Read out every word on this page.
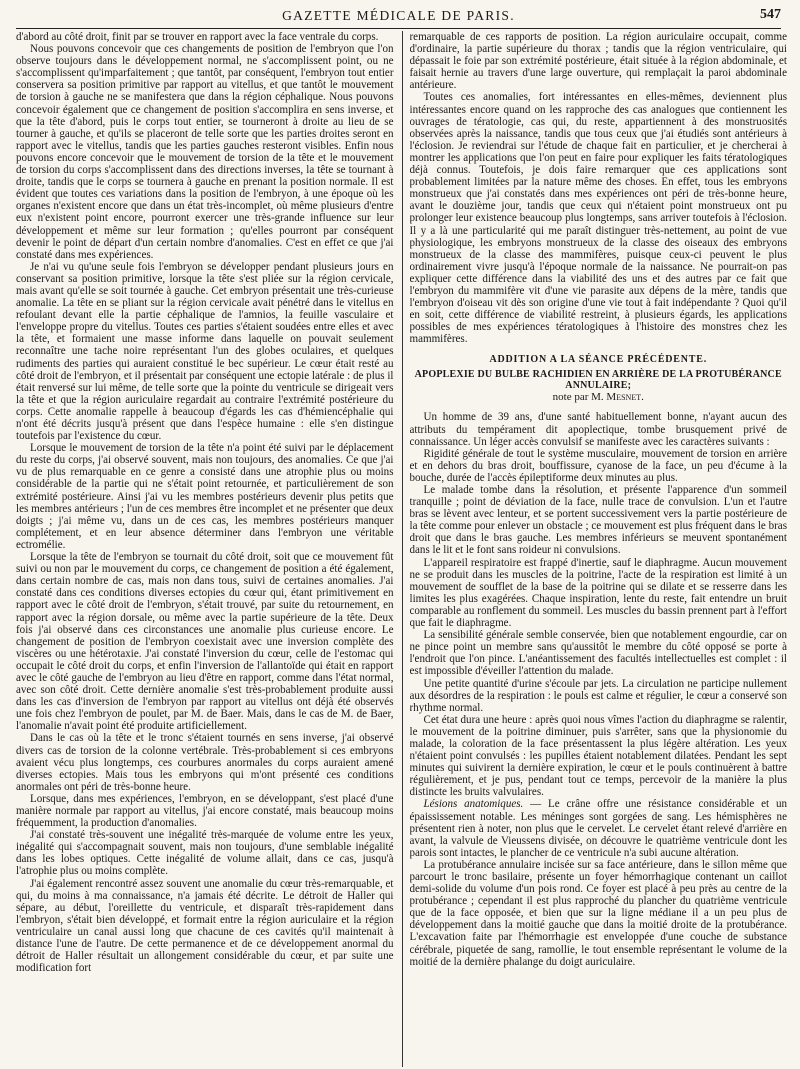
GAZETTE MÉDICALE DE PARIS.	547

d'abord au côté droit, finit par se trouver en rapport avec la face ventrale du corps.

Nous pouvons concevoir que ces changements de position de l'embryon que l'on observe toujours dans le développement normal, ne s'accomplissent point, ou ne s'accomplissent qu'imparfaitement ; que tantôt, par conséquent, l'embryon tout entier conservera sa position primitive par rapport au vitellus, et que tantôt le mouvement de torsion à gauche ne se manifestera que dans la région céphalique. Nous pouvons concevoir également que ce changement de position s'accomplira en sens inverse, et que la tête d'abord, puis le corps tout entier, se tourneront à droite au lieu de se tourner à gauche, et qu'ils se placeront de telle sorte que les parties droites seront en rapport avec le vitellus, tandis que les parties gauches resteront visibles. Enfin nous pouvons encore concevoir que le mouvement de torsion de la tête et le mouvement de torsion du corps s'accomplissent dans des directions inverses, la tête se tournant à droite, tandis que le corps se tournera à gauche en prenant la position normale. Il est évident que toutes ces variations dans la position de l'embryon, à une époque où les organes n'existent encore que dans un état très-incomplet, où même plusieurs d'entre eux n'existent point encore, pourront exercer une très-grande influence sur leur développement et même sur leur formation ; qu'elles pourront par conséquent devenir le point de départ d'un certain nombre d'anomalies. C'est en effet ce que j'ai constaté dans mes expériences.

Je n'ai vu qu'une seule fois l'embryon se développer pendant plusieurs jours en conservant sa position primitive, lorsque la tête s'est pliée sur la région cervicale, mais avant qu'elle se soit tournée à gauche. Cet embryon présentait une très-curieuse anomalie. La tête en se pliant sur la région cervicale avait pénétré dans le vitellus en refoulant devant elle la partie céphalique de l'amnios, la feuille vasculaire et l'enveloppe propre du vitellus. Toutes ces parties s'étaient soudées entre elles et avec la tête, et formaient une masse informe dans laquelle on pouvait seulement reconnaître une tache noire représentant l'un des globes oculaires, et quelques rudiments des parties qui auraient constitué le bec supérieur. Le cœur était resté au côté droit de l'embryon, et il présentait par conséquent une ectopie latérale : de plus il était renversé sur lui même, de telle sorte que la pointe du ventricule se dirigeait vers la tête et que la région auriculaire regardait au contraire l'extrémité postérieure du corps. Cette anomalie rappelle à beaucoup d'égards les cas d'hémiencéphalie qui n'ont été décrits jusqu'à présent que dans l'espèce humaine : elle s'en distingue toutefois par l'existence du cœur.

Lorsque le mouvement de torsion de la tête n'a point été suivi par le déplacement du reste du corps, j'ai observé souvent, mais non toujours, des anomalies. Ce que j'ai vu de plus remarquable en ce genre a consisté dans une atrophie plus ou moins considérable de la partie qui ne s'était point retournée, et particulièrement de son extrémité postérieure. Ainsi j'ai vu les membres postérieurs devenir plus petits que les membres antérieurs ; l'un de ces membres être incomplet et ne présenter que deux doigts ; j'ai même vu, dans un de ces cas, les membres postérieurs manquer complétement, et en leur absence déterminer dans l'embryon une véritable ectromélie.

Lorsque la tête de l'embryon se tournait du côté droit, soit que ce mouvement fût suivi ou non par le mouvement du corps, ce changement de position a été également, dans certain nombre de cas, mais non dans tous, suivi de certaines anomalies. J'ai constaté dans ces conditions diverses ectopies du cœur qui, étant primitivement en rapport avec le côté droit de l'embryon, s'était trouvé, par suite du retournement, en rapport avec la région dorsale, ou même avec la partie supérieure de la tête. Deux fois j'ai observé dans ces circonstances une anomalie plus curieuse encore. Le changement de position de l'embryon coexistait avec une inversion complète des viscères ou une hétérotaxie. J'ai constaté l'inversion du cœur, celle de l'estomac qui occupait le côté droit du corps, et enfin l'inversion de l'allantoïde qui était en rapport avec le côté gauche de l'embryon au lieu d'être en rapport, comme dans l'état normal, avec son côté droit. Cette dernière anomalie s'est très-probablement produite aussi dans les cas d'inversion de l'embryon par rapport au vitellus ont déjà été observés une fois chez l'embryon de poulet, par M. de Baer. Mais, dans le cas de M. de Baer, l'anomalie n'avait point été produite artificiellement.

Dans le cas où la tête et le tronc s'étaient tournés en sens inverse, j'ai observé divers cas de torsion de la colonne vertébrale. Très-probablement si ces embryons avaient vécu plus longtemps, ces courbures anormales du corps auraient amené diverses ectopies. Mais tous les embryons qui m'ont présenté ces conditions anormales ont péri de très-bonne heure.

Lorsque, dans mes expériences, l'embryon, en se développant, s'est placé d'une manière normale par rapport au vitellus, j'ai encore constaté, mais beaucoup moins fréquemment, la production d'anomalies.

J'ai constaté très-souvent une inégalité très-marquée de volume entre les yeux, inégalité qui s'accompagnait souvent, mais non toujours, d'une semblable inégalité dans les lobes optiques. Cette inégalité de volume allait, dans ce cas, jusqu'à l'atrophie plus ou moins complète.

J'ai également rencontré assez souvent une anomalie du cœur très-remarquable, et qui, du moins à ma connaissance, n'a jamais été décrite. Le détroit de Haller qui sépare, au début, l'oreillette du ventricule, et disparaît très-rapidement dans l'embryon, s'était bien développé, et formait entre la région auriculaire et la région ventriculaire un canal aussi long que chacune de ces cavités qu'il maintenait à distance l'une de l'autre. De cette permanence et de ce développement anormal du détroit de Haller résultait un allongement considérable du cœur, et par suite une modification fort

remarquable de ces rapports de position. La région auriculaire occupait, comme d'ordinaire, la partie supérieure du thorax ; tandis que la région ventriculaire, qui dépassait le foie par son extrémité postérieure, était située à la région abdominale, et faisait hernie au travers d'une large ouverture, qui remplaçait la paroi abdominale antérieure.

Toutes ces anomalies, fort intéressantes en elles-mêmes, deviennent plus intéressantes encore quand on les rapproche des cas analogues que contiennent les ouvrages de tératologie, cas qui, du reste, appartiennent à des monstruosités observées après la naissance, tandis que tous ceux que j'ai étudiés sont antérieurs à l'éclosion. Je reviendrai sur l'étude de chaque fait en particulier, et je chercherai à montrer les applications que l'on peut en faire pour expliquer les faits tératologiques déjà connus. Toutefois, je dois faire remarquer que ces applications sont probablement limitées par la nature même des choses. En effet, tous les embryons monstrueux que j'ai constatés dans mes expériences ont péri de très-bonne heure, avant le douzième jour, tandis que ceux qui n'étaient point monstrueux ont pu prolonger leur existence beaucoup plus longtemps, sans arriver toutefois à l'éclosion. Il y a là une particularité qui me paraît distinguer très-nettement, au point de vue physiologique, les embryons monstrueux de la classe des oiseaux des embryons monstrueux de la classe des mammifères, puisque ceux-ci peuvent le plus ordinairement vivre jusqu'à l'époque normale de la naissance. Ne pourrait-on pas expliquer cette différence dans la viabilité des uns et des autres par ce fait que l'embryon du mammifère vit d'une vie parasite aux dépens de la mère, tandis que l'embryon d'oiseau vit dès son origine d'une vie tout à fait indépendante ? Quoi qu'il en soit, cette différence de viabilité restreint, à plusieurs égards, les applications possibles de mes expériences tératologiques à l'histoire des monstres chez les mammifères.

ADDITION A LA SÉANCE PRÉCÉDENTE.
APOPLEXIE DU BULBE RACHIDIEN EN ARRIÈRE DE LA PROTUBÉRANCE ANNULAIRE;
note par M. Mesnet.

Un homme de 39 ans, d'une santé habituellement bonne, n'ayant aucun des attributs du tempérament dit apoplectique, tombe brusquement privé de connaissance. Un léger accès convulsif se manifeste avec les caractères suivants :

Rigidité générale de tout le système musculaire, mouvement de torsion en arrière et en dehors du bras droit, bouffissure, cyanose de la face, un peu d'écume à la bouche, durée de l'accès épileptiforme deux minutes au plus.

Le malade tombe dans la résolution, et présente l'apparence d'un sommeil tranquille ; point de déviation de la face, nulle trace de convulsion. L'un et l'autre bras se lèvent avec lenteur, et se portent successivement vers la partie postérieure de la tête comme pour enlever un obstacle ; ce mouvement est plus fréquent dans le bras droit que dans le bras gauche. Les membres inférieurs se meuvent spontanément dans le lit et le font sans roideur ni convulsions.

L'appareil respiratoire est frappé d'inertie, sauf le diaphragme. Aucun mouvement ne se produit dans les muscles de la poitrine, l'acte de la respiration est limité à un mouvement de soufflet de la base de la poitrine qui se dilate et se resserre dans les limites les plus exagérées. Chaque inspiration, lente du reste, fait entendre un bruit comparable au ronflement du sommeil. Les muscles du bassin prennent part à l'effort que fait le diaphragme.

La sensibilité générale semble conservée, bien que notablement engourdie, car on ne pince point un membre sans qu'aussitôt le membre du côté opposé se porte à l'endroit que l'on pince. L'anéantissement des facultés intellectuelles est complet : il est impossible d'éveiller l'attention du malade.

Une petite quantité d'urine s'écoule par jets. La circulation ne participe nullement aux désordres de la respiration : le pouls est calme et régulier, le cœur a conservé son rhythme normal.

Cet état dura une heure : après quoi nous vîmes l'action du diaphragme se ralentir, le mouvement de la poitrine diminuer, puis s'arrêter, sans que la physionomie du malade, la coloration de la face présentassent la plus légère altération. Les yeux n'étaient point convulsés : les pupilles étaient notablement dilatées. Pendant les sept minutes qui suivirent la dernière expiration, le cœur et le pouls continuèrent à battre régulièrement, et je pus, pendant tout ce temps, percevoir de la manière la plus distincte les bruits valvulaires.

Lésions anatomiques. — Le crâne offre une résistance considérable et un épaississement notable. Les méninges sont gorgées de sang. Les hémisphères ne présentent rien à noter, non plus que le cervelet. Le cervelet étant relevé d'arrière en avant, la valvule de Vieussens divisée, on découvre le quatrième ventricule dont les parois sont intactes, le plancher de ce ventricule n'a subi aucune altération.

La protubérance annulaire incisée sur sa face antérieure, dans le sillon même que parcourt le tronc basilaire, présente un foyer hémorrhagique contenant un caillot demi-solide du volume d'un pois rond. Ce foyer est placé à peu près au centre de la protubérance ; cependant il est plus rapproché du plancher du quatrième ventricule que de la face opposée, et bien que sur la ligne médiane il a un peu plus de développement dans la moitié gauche que dans la moitié droite de la protubérance. L'excavation faite par l'hémorrhagie est enveloppée d'une couche de substance cérébrale, piquetée de sang, ramollie, le tout ensemble représentant le volume de la moitié de la dernière phalange du doigt auriculaire.
